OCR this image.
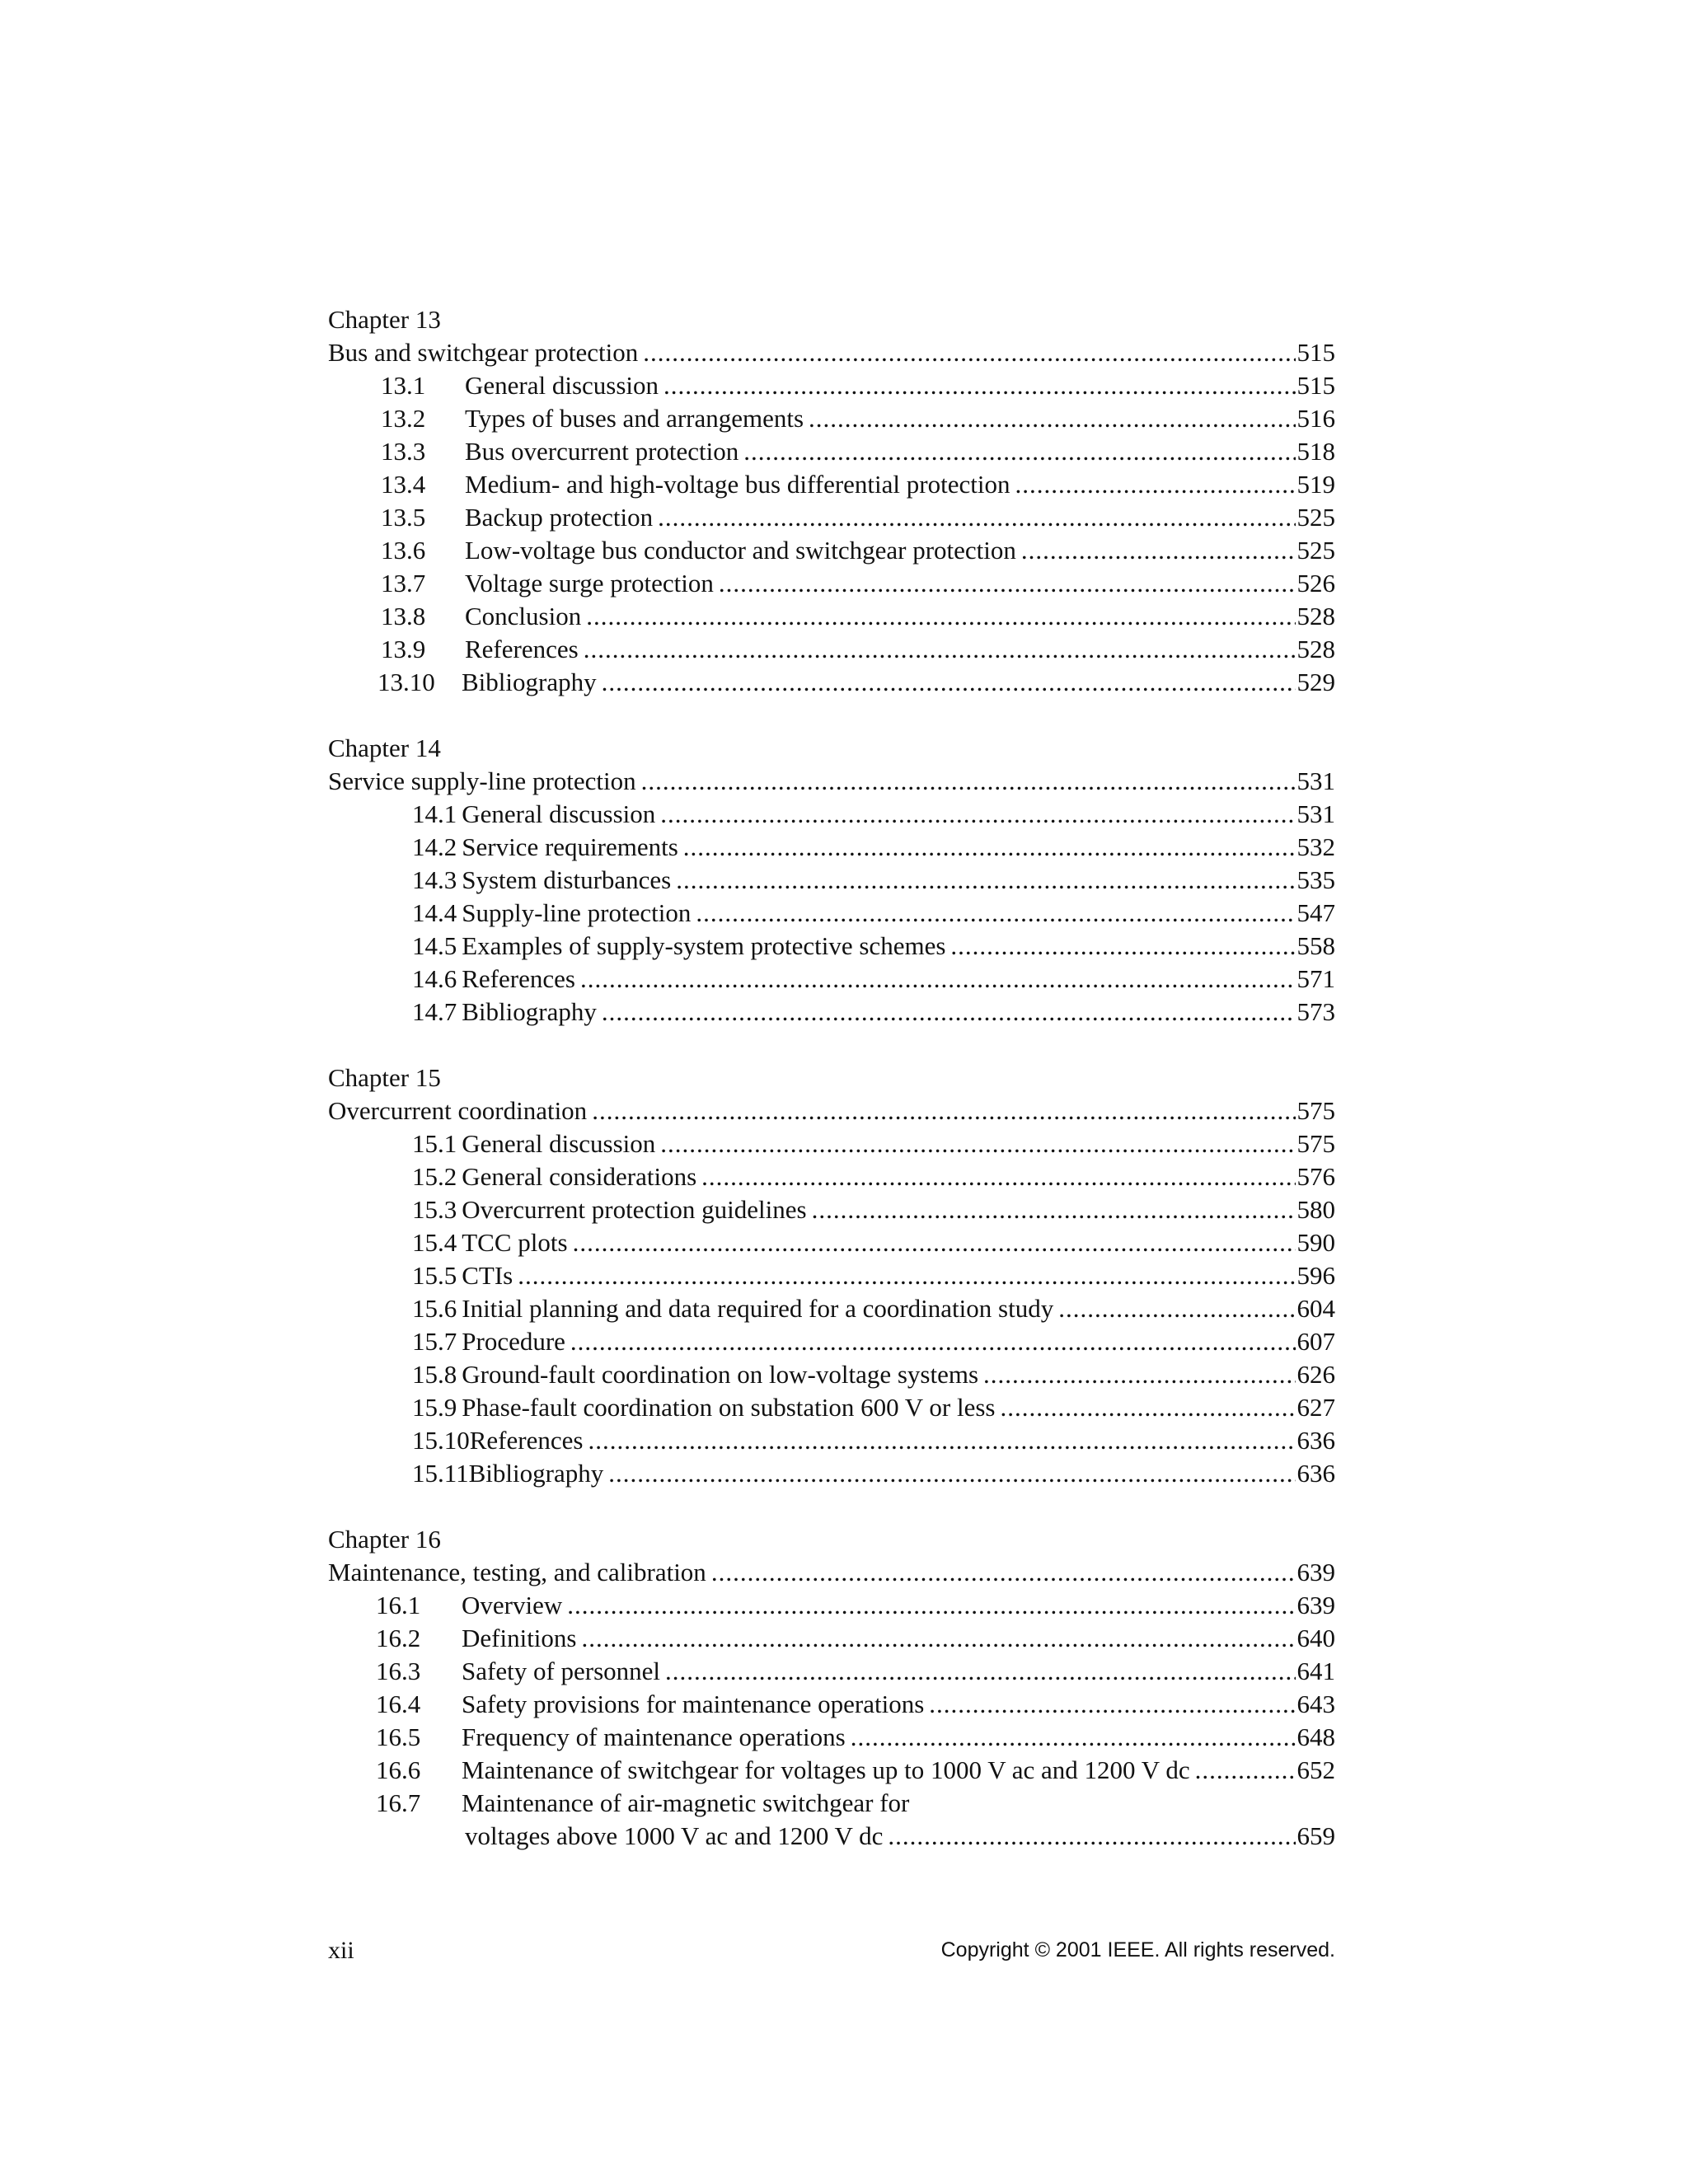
Chapter 13
Bus and switchgear protection .....	515
13.1	General discussion .....	515
13.2	Types of buses and arrangements .....	516
13.3	Bus overcurrent protection .....	518
13.4	Medium- and high-voltage bus differential protection .....	519
13.5	Backup protection .....	525
13.6	Low-voltage bus conductor and switchgear protection .....	525
13.7	Voltage surge protection .....	526
13.8	Conclusion .....	528
13.9	References .....	528
13.10	Bibliography .....	529
Chapter 14
Service supply-line protection .....	531
14.1 General discussion .....	531
14.2 Service requirements .....	532
14.3 System disturbances .....	535
14.4 Supply-line protection .....	547
14.5 Examples of supply-system protective schemes .....	558
14.6 References .....	571
14.7 Bibliography .....	573
Chapter 15
Overcurrent coordination .....	575
15.1 General discussion .....	575
15.2 General considerations .....	576
15.3 Overcurrent protection guidelines .....	580
15.4 TCC plots .....	590
15.5 CTIs .....	596
15.6 Initial planning and data required for a coordination study .....	604
15.7 Procedure .....	607
15.8 Ground-fault coordination on low-voltage systems .....	626
15.9 Phase-fault coordination on substation 600 V or less .....	627
15.10 References .....	636
15.11 Bibliography .....	636
Chapter 16
Maintenance, testing, and calibration .....	639
16.1	Overview .....	639
16.2	Definitions .....	640
16.3	Safety of personnel .....	641
16.4	Safety provisions for maintenance operations .....	643
16.5	Frequency of maintenance operations .....	648
16.6	Maintenance of switchgear for voltages up to 1000 V ac and 1200 V dc .....	652
16.7	Maintenance of air-magnetic switchgear for
voltages above 1000 V ac and 1200 V dc .....	659
xii	Copyright © 2001 IEEE. All rights reserved.
